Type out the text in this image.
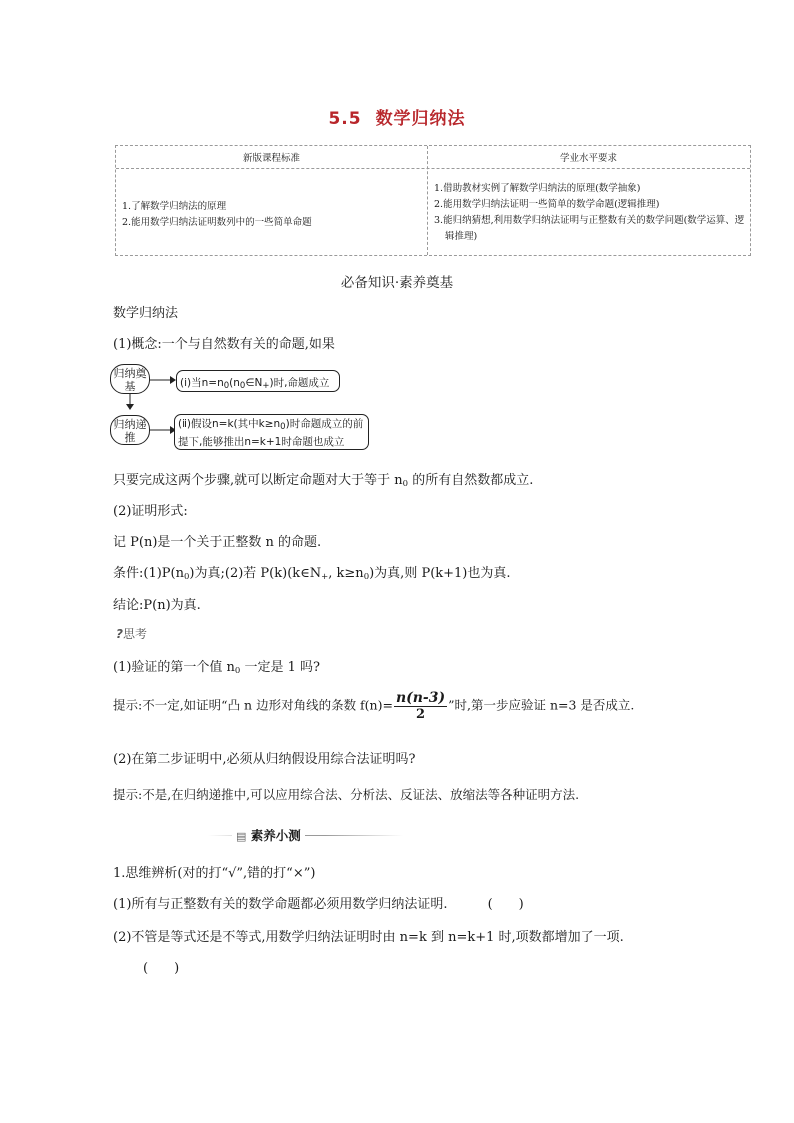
5.5 数学归纳法
新版课程标准	学业水平要求
1.了解数学归纳法的原理
2.能用数学归纳法证明数列中的一些简单命题
1.借助教材实例了解数学归纳法的原理(数学抽象)
2.能用数学归纳法证明一些简单的数学命题(逻辑推理)
3.能归纳猜想,利用数学归纳法证明与正整数有关的数学问题(数学运算、逻辑推理)
必备知识·素养奠基
数学归纳法
(1)概念:一个与自然数有关的命题,如果
归纳奠基
归纳递推
(ⅰ)当$n=n_0(n_0\in N_+)$时,命题成立
(ⅱ)假设n=k(其中$k\ge n_0$)时命题成立的前
提下,能够推出n=k+1时命题也成立
只要完成这两个步骤,就可以断定命题对大于等于 $n_0$ 的所有自然数都成立.
(2)证明形式:
记 P(n)是一个关于正整数 n 的命题.
条件$:(1)P(n_0)$为真;(2)若 $P(k)(k\in N_+$, $k\ge n_0$)为真,则 P(k+1)也为真.
结论:P(n)为真.
?思考
(1)验证的第一个值 $n_0$ 一定是 1 吗?
提示:不一定,如证明“凸 n 边形对角线的条数 $f(n)= \frac{n(n-3)}{2}$ ”时,第一步应验证 n=3 是否成立.
(2)在第二步证明中,必须从归纳假设用综合法证明吗?
提示:不是,在归纳递推中,可以应用综合法、分析法、反证法、放缩法等各种证明方法.
▤ 素养小测
1.思维辨析(对的打“√”,错的打“×”)
(1)所有与正整数有关的数学命题都必须用数学归纳法证明.	(　　)
(2)不管是等式还是不等式,用数学归纳法证明时由 n=k 到 n=k+1 时,项数都增加了一项.
(　　)
